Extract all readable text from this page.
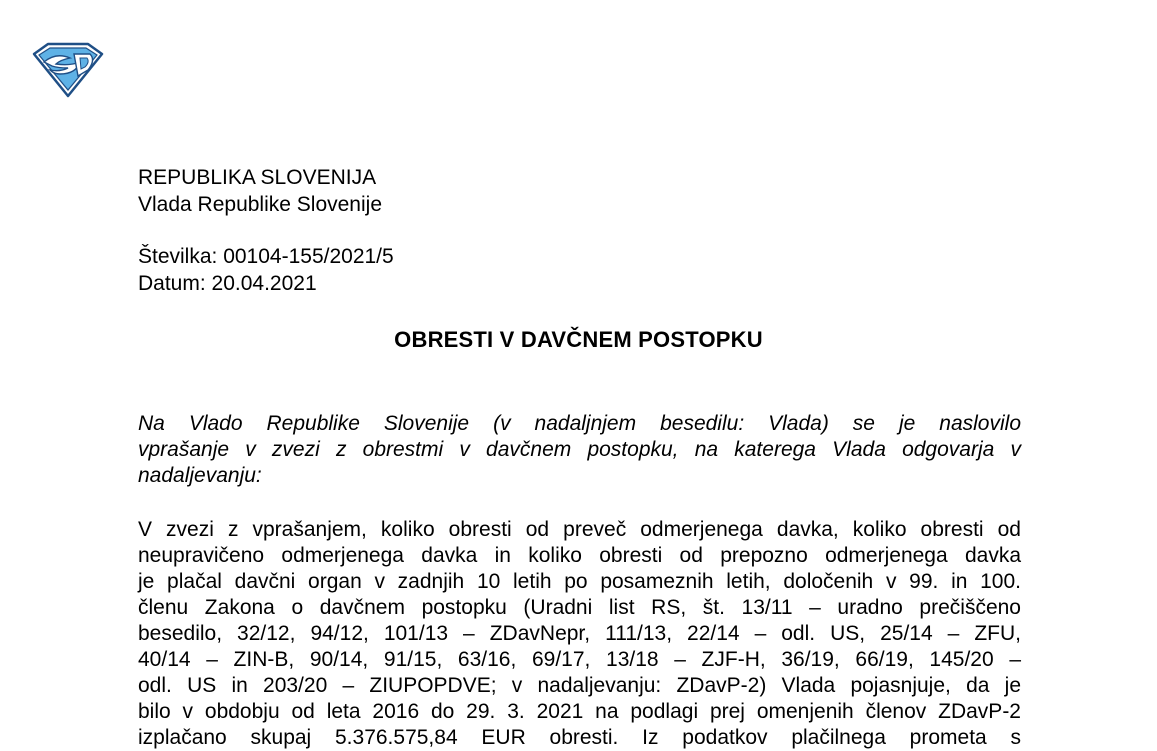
REPUBLIKA SLOVENIJA
Vlada Republike Slovenije
Številka: 00104-155/2021/5
Datum: 20.04.2021
OBRESTI V DAVČNEM POSTOPKU
Na Vlado Republike Slovenije (v nadaljnjem besedilu: Vlada) se je naslovilo
vprašanje v zvezi z obrestmi v davčnem postopku, na katerega Vlada odgovarja v
nadaljevanju:
V zvezi z vprašanjem, koliko obresti od preveč odmerjenega davka, koliko obresti od
neupravičeno odmerjenega davka in koliko obresti od prepozno odmerjenega davka
je plačal davčni organ v zadnjih 10 letih po posameznih letih, določenih v 99. in 100.
členu Zakona o davčnem postopku (Uradni list RS, št. 13/11 – uradno prečiščeno
besedilo, 32/12, 94/12, 101/13 – ZDavNepr, 111/13, 22/14 – odl. US, 25/14 – ZFU,
40/14 – ZIN-B, 90/14, 91/15, 63/16, 69/17, 13/18 – ZJF-H, 36/19, 66/19, 145/20 –
odl. US in 203/20 – ZIUPOPDVE; v nadaljevanju: ZDavP-2) Vlada pojasnjuje, da je
bilo v obdobju od leta 2016 do 29. 3. 2021 na podlagi prej omenjenih členov ZDavP-2
izplačano skupaj 5.376.575,84 EUR obresti. Iz podatkov plačilnega prometa s
